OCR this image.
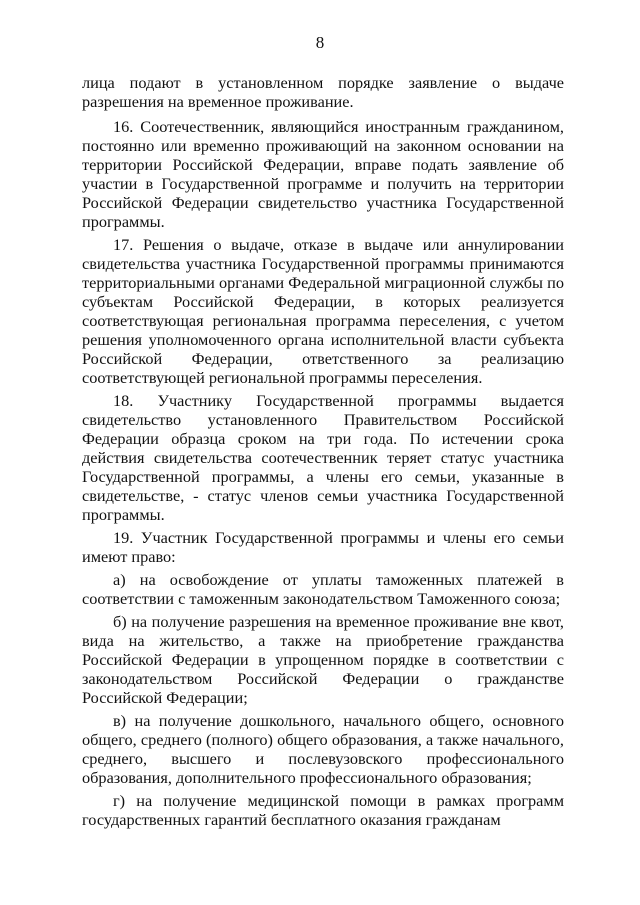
8

лица подают в установленном порядке заявление о выдаче разрешения на временное проживание.

16. Соотечественник, являющийся иностранным гражданином, постоянно или временно проживающий на законном основании на территории Российской Федерации, вправе подать заявление об участии в Государственной программе и получить на территории Российской Федерации свидетельство участника Государственной программы.

17. Решения о выдаче, отказе в выдаче или аннулировании свидетельства участника Государственной программы принимаются территориальными органами Федеральной миграционной службы по субъектам Российской Федерации, в которых реализуется соответствующая региональная программа переселения, с учетом решения уполномоченного органа исполнительной власти субъекта Российской Федерации, ответственного за реализацию соответствующей региональной программы переселения.

18. Участнику Государственной программы выдается свидетельство установленного Правительством Российской Федерации образца сроком на три года. По истечении срока действия свидетельства соотечественник теряет статус участника Государственной программы, а члены его семьи, указанные в свидетельстве, - статус членов семьи участника Государственной программы.

19. Участник Государственной программы и члены его семьи имеют право:

а) на освобождение от уплаты таможенных платежей в соответствии с таможенным законодательством Таможенного союза;

б) на получение разрешения на временное проживание вне квот, вида на жительство, а также на приобретение гражданства Российской Федерации в упрощенном порядке в соответствии с законодательством Российской Федерации о гражданстве Российской Федерации;

в) на получение дошкольного, начального общего, основного общего, среднего (полного) общего образования, а также начального, среднего, высшего и послевузовского профессионального образования, дополнительного профессионального образования;

г) на получение медицинской помощи в рамках программ государственных гарантий бесплатного оказания гражданам
